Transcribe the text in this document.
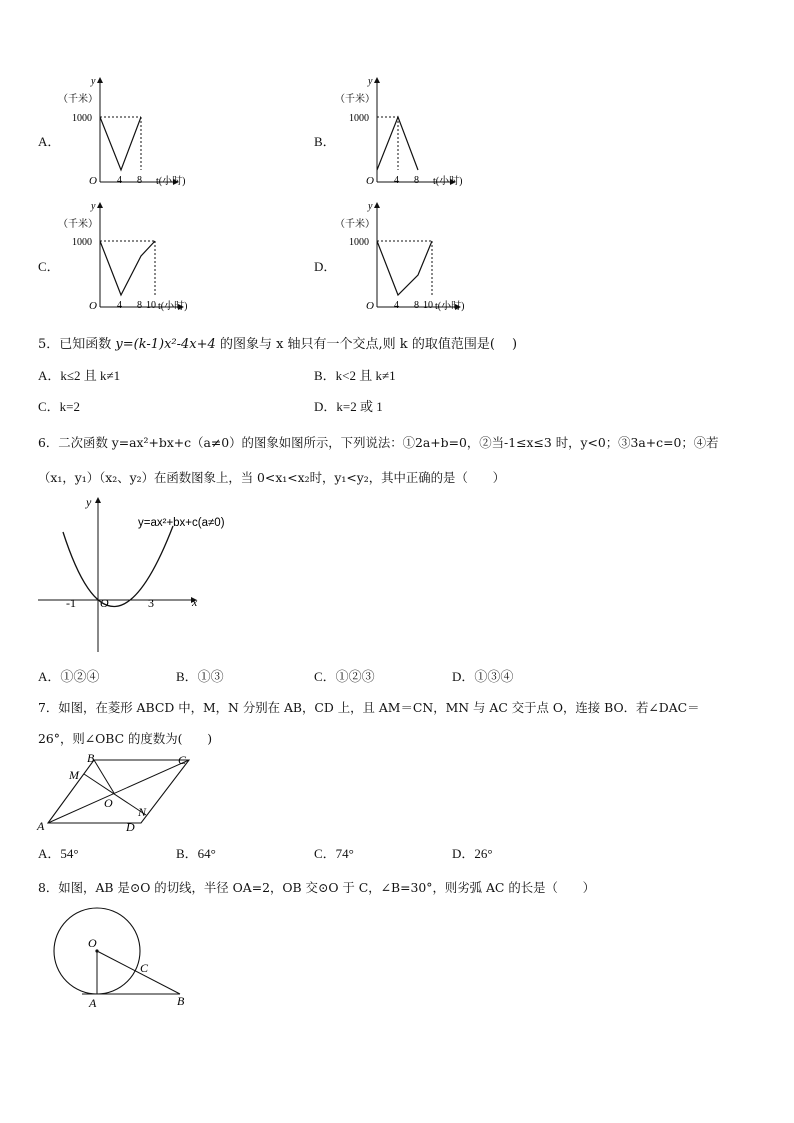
A．
y
（千米）
1000
O 4 8 t(小时)
B．
y
（千米）
1000
O 4 8 t(小时)
C．
y
（千米）
1000
O 4 8 10 t(小时)
D．
y
（千米）
1000
O 4 8 10 t(小时)
5．已知函数 y=(k-1)x²-4x+4 的图象与 x 轴只有一个交点,则 k 的取值范围是(　 )
A．k≤2 且 k≠1	B．k<2 且 k≠1
C．k=2	D．k=2 或 1
6．二次函数 y=ax²+bx+c（a≠0）的图象如图所示，下列说法：①2a+b=0，②当-1≤x≤3 时，y<0；③3a+c=0；④若
（x₁，y₁）（x₂、y₂）在函数图象上，当 0<x₁<x₂时，y₁<y₂，其中正确的是（　　）
y
x
O
-1	3
y=ax²+bx+c(a≠0)
A．①②④	B．①③	C．①②③	D．①③④
7．如图，在菱形 ABCD 中，M，N 分别在 AB，CD 上，且 AM＝CN，MN 与 AC 交于点 O，连接 BO．若∠DAC＝
26°，则∠OBC 的度数为(　　)
A
B	C
D
M
N
O
A．54°	B．64°	C．74°	D．26°
8．如图，AB 是⊙O 的切线，半径 OA=2，OB 交⊙O 于 C，∠B=30°，则劣弧 AC 的长是（　　）
O
A	B
C
